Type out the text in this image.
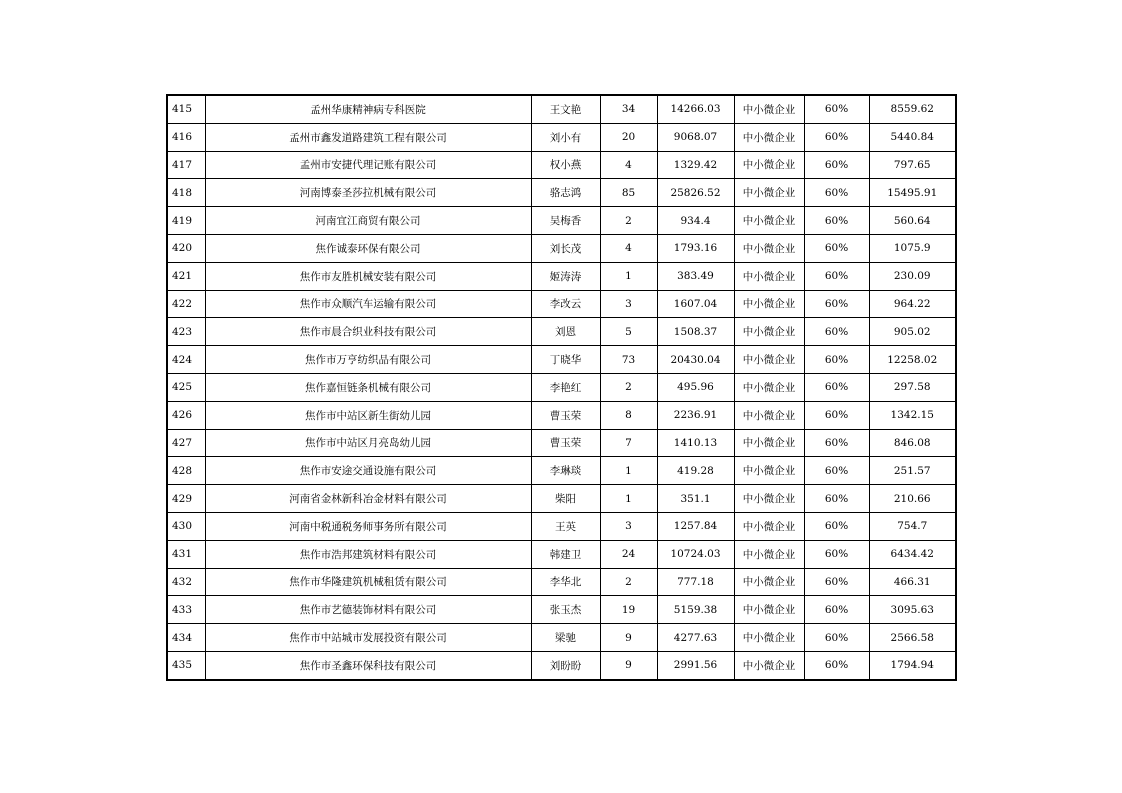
415	孟州华康精神病专科医院	王文艳	34	14266.03	中小微企业	60%	8559.62
416	孟州市鑫发道路建筑工程有限公司	刘小有	20	9068.07	中小微企业	60%	5440.84
417	孟州市安捷代理记账有限公司	权小燕	4	1329.42	中小微企业	60%	797.65
418	河南博泰圣莎拉机械有限公司	骆志鸿	85	25826.52	中小微企业	60%	15495.91
419	河南宜江商贸有限公司	吴梅香	2	934.4	中小微企业	60%	560.64
420	焦作诚泰环保有限公司	刘长茂	4	1793.16	中小微企业	60%	1075.9
421	焦作市友胜机械安装有限公司	姬涛涛	1	383.49	中小微企业	60%	230.09
422	焦作市众顺汽车运输有限公司	李改云	3	1607.04	中小微企业	60%	964.22
423	焦作市晨合织业科技有限公司	刘恩	5	1508.37	中小微企业	60%	905.02
424	焦作市万亨纺织品有限公司	丁晓华	73	20430.04	中小微企业	60%	12258.02
425	焦作嘉恒链条机械有限公司	李艳红	2	495.96	中小微企业	60%	297.58
426	焦作市中站区新生街幼儿园	曹玉荣	8	2236.91	中小微企业	60%	1342.15
427	焦作市中站区月亮岛幼儿园	曹玉荣	7	1410.13	中小微企业	60%	846.08
428	焦作市安途交通设施有限公司	李琳琰	1	419.28	中小微企业	60%	251.57
429	河南省金林新科冶金材料有限公司	柴阳	1	351.1	中小微企业	60%	210.66
430	河南中税通税务师事务所有限公司	王英	3	1257.84	中小微企业	60%	754.7
431	焦作市浩邦建筑材料有限公司	韩建卫	24	10724.03	中小微企业	60%	6434.42
432	焦作市华隆建筑机械租赁有限公司	李华北	2	777.18	中小微企业	60%	466.31
433	焦作市艺德装饰材料有限公司	张玉杰	19	5159.38	中小微企业	60%	3095.63
434	焦作市中站城市发展投资有限公司	梁驰	9	4277.63	中小微企业	60%	2566.58
435	焦作市圣鑫环保科技有限公司	刘盼盼	9	2991.56	中小微企业	60%	1794.94
